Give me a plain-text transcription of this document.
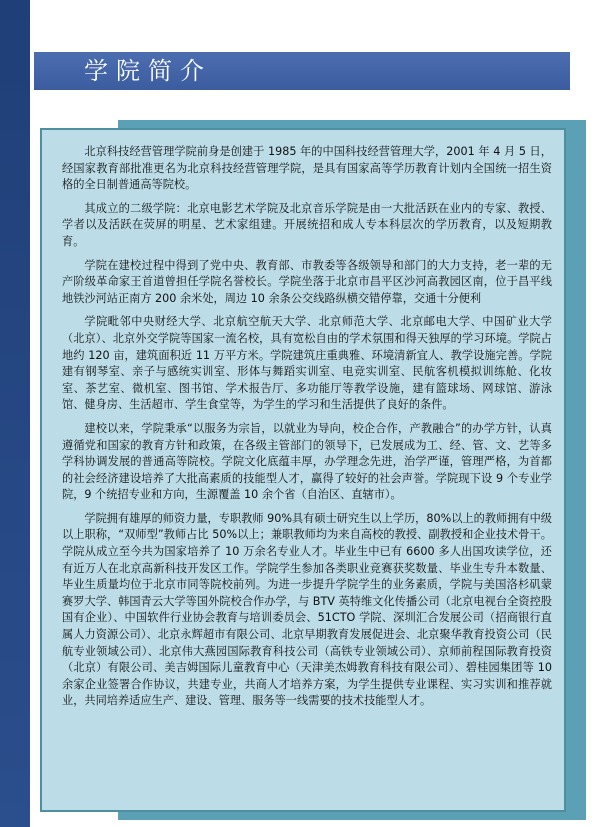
学院简介

北京科技经营管理学院前身是创建于 1985 年的中国科技经营管理大学，2001 年 4 月 5 日，经国家教育部批准更名为北京科技经营管理学院，是具有国家高等学历教育计划内全国统一招生资格的全日制普通高等院校。

其成立的二级学院：北京电影艺术学院及北京音乐学院是由一大批活跃在业内的专家、教授、学者以及活跃在荧屏的明星、艺术家组建。开展统招和成人专本科层次的学历教育，以及短期教育。

学院在建校过程中得到了党中央、教育部、市教委等各级领导和部门的大力支持，老一辈的无产阶级革命家王首道曾担任学院名誉校长。学院坐落于北京市昌平区沙河高教园区南，位于昌平线地铁沙河站正南方 200 余米处，周边 10 余条公交线路纵横交错停靠，交通十分便利

学院毗邻中央财经大学、北京航空航天大学、北京师范大学、北京邮电大学、中国矿业大学（北京）、北京外交学院等国家一流名校，具有宽松自由的学术氛围和得天独厚的学习环境。学院占地约 120 亩，建筑面积近 11 万平方米。学院建筑庄重典雅、环境清新宜人、教学设施完善。学院建有钢琴室、亲子与感统实训室、形体与舞蹈实训室、电竞实训室、民航客机模拟训练舱、化妆室、茶艺室、微机室、图书馆、学术报告厅、多功能厅等教学设施，建有篮球场、网球馆、游泳馆、健身房、生活超市、学生食堂等，为学生的学习和生活提供了良好的条件。

建校以来，学院秉承“以服务为宗旨，以就业为导向，校企合作，产教融合”的办学方针，认真遵循党和国家的教育方针和政策，在各级主管部门的领导下，已发展成为工、经、管、文、艺等多学科协调发展的普通高等院校。学院文化底蕴丰厚，办学理念先进，治学严谨，管理严格，为首都的社会经济建设培养了大批高素质的技能型人才，赢得了较好的社会声誉。学院现下设 9 个专业学院，9 个统招专业和方向，生源覆盖 10 余个省（自治区、直辖市）。

学院拥有雄厚的师资力量，专职教师 90%具有硕士研究生以上学历，80%以上的教师拥有中级以上职称，“双师型”教师占比 50%以上；兼职教师均为来自高校的教授、副教授和企业技术骨干。学院从成立至今共为国家培养了 10 万余名专业人才。毕业生中已有 6600 多人出国攻读学位，还有近万人在北京高新科技开发区工作。学院学生参加各类职业竞赛获奖数量、毕业生专升本数量、毕业生质量均位于北京市同等院校前列。为进一步提升学院学生的业务素质，学院与美国洛杉矶蒙赛罗大学、韩国青云大学等国外院校合作办学，与 BTV 英特维文化传播公司（北京电视台全资控股国有企业）、中国软件行业协会教育与培训委员会、51CTO 学院、深圳汇合发展公司（招商银行直属人力资源公司）、北京永辉超市有限公司、北京早期教育发展促进会、北京聚华教育投资公司（民航专业领域公司）、北京伟大燕园国际教育科技公司（高铁专业领域公司）、京师前程国际教育投资（北京）有限公司、美吉姆国际儿童教育中心（天津美杰姆教育科技有限公司）、碧桂园集团等 10 余家企业签署合作协议，共建专业，共商人才培养方案，为学生提供专业课程、实习实训和推荐就业，共同培养适应生产、建设、管理、服务等一线需要的技术技能型人才。
